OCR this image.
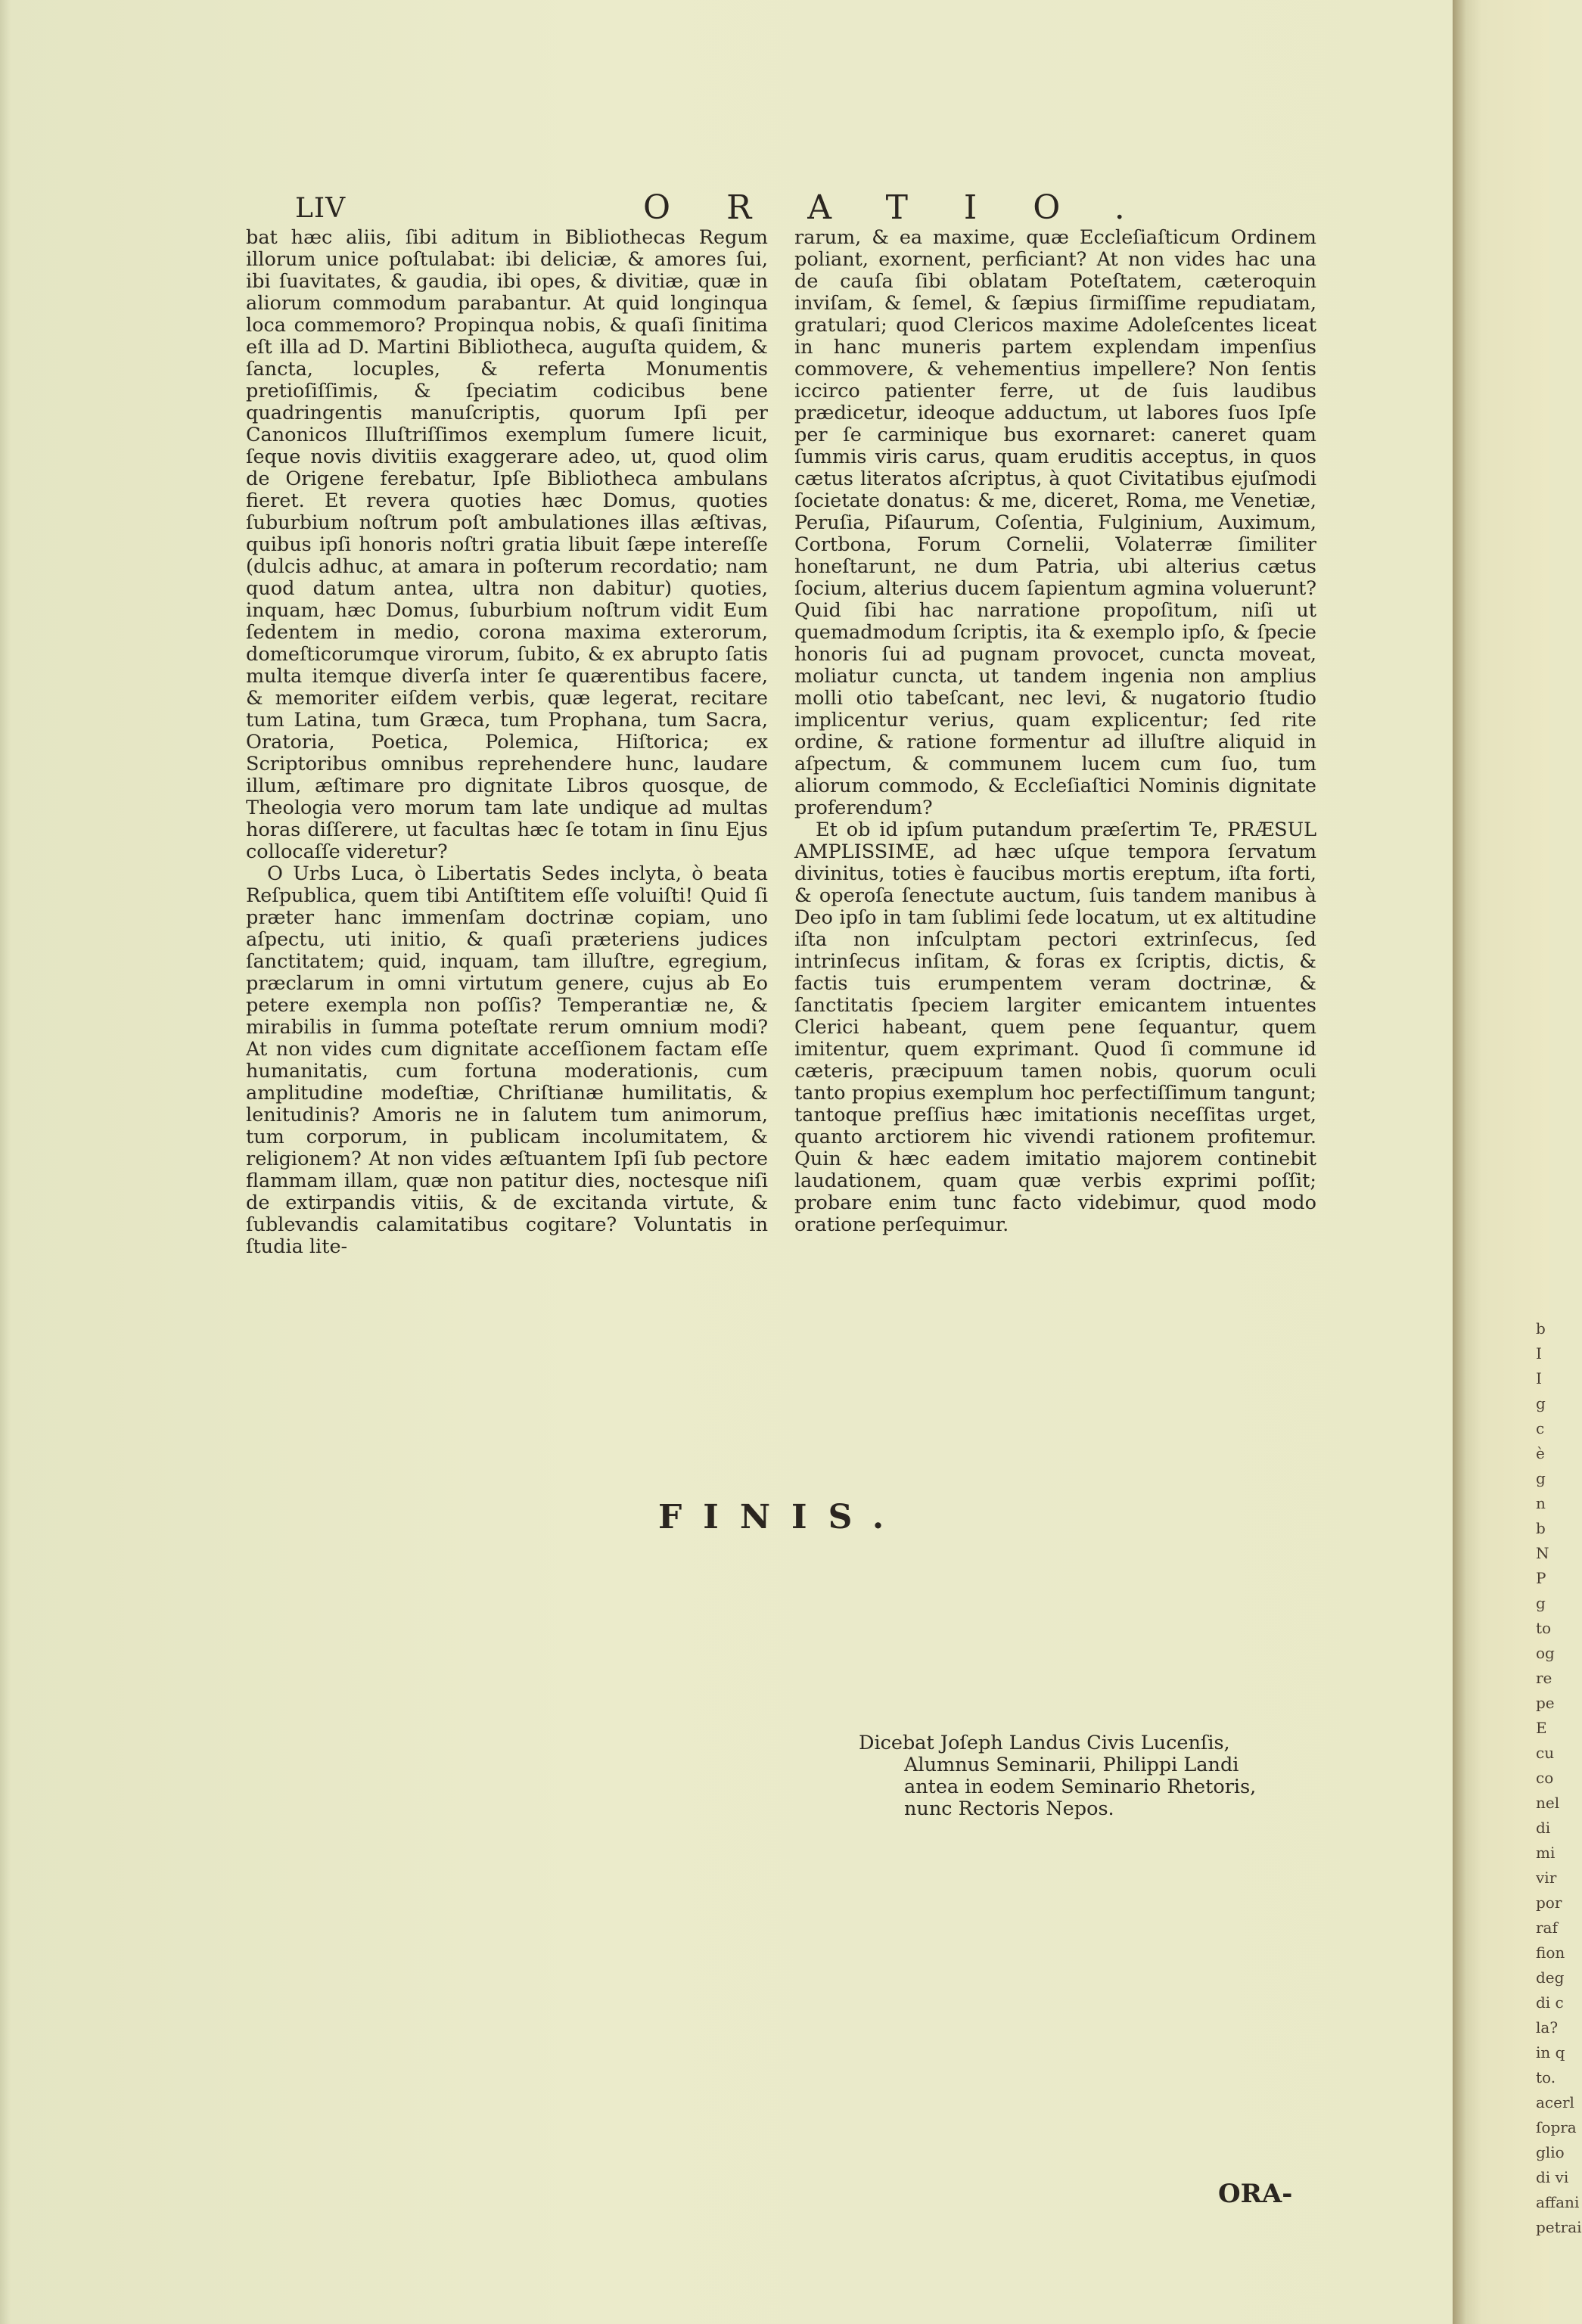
LIV	ORATIO.

bat hæc aliis, ſibi aditum in Bibliothecas Regum illorum unice poſtulabat: ibi deliciæ, & amores ſui, ibi ſuavitates, & gaudia, ibi opes, & divitiæ, quæ in aliorum commodum parabantur. At quid longinqua loca commemoro? Propinqua nobis, & quaſi ſinitima eſt illa ad D. Martini Bibliotheca, auguſta quidem, & ſancta, locuples, & referta Monumentis pretioſiſſimis, & ſpeciatim codicibus bene quadringentis manuſcriptis, quorum Ipſi per Canonicos Illuſtriſſimos exemplum ſumere licuit, ſeque novis divitiis exaggerare adeo, ut, quod olim de Origene ferebatur, Ipſe Bibliotheca ambulans fieret. Et revera quoties hæc Domus, quoties ſuburbium noſtrum poſt ambulationes illas æſtivas, quibus ipſi honoris noſtri gratia libuit ſæpe intereſſe (dulcis adhuc, at amara in poſterum recordatio; nam quod datum antea, ultra non dabitur) quoties, inquam, hæc Domus, ſuburbium noſtrum vidit Eum ſedentem in medio, corona maxima exterorum, domeſticorumque virorum, ſubito, & ex abrupto ſatis multa itemque diverſa inter ſe quærentibus facere, & memoriter eiſdem verbis, quæ legerat, recitare tum Latina, tum Græca, tum Prophana, tum Sacra, Oratoria, Poetica, Polemica, Hiſtorica; ex Scriptoribus omnibus reprehendere hunc, laudare illum, æſtimare pro dignitate Libros quosque, de Theologia vero morum tam late undique ad multas horas diſſerere, ut facultas hæc ſe totam in ſinu Ejus collocaſſe videretur?

O Urbs Luca, ò Libertatis Sedes inclyta, ò beata Reſpublica, quem tibi Antiſtitem eſſe voluiſti! Quid ſi præter hanc immenſam doctrinæ copiam, uno aſpectu, uti initio, & quaſi præteriens judices ſanctitatem; quid, inquam, tam illuſtre, egregium, præclarum in omni virtutum genere, cujus ab Eo petere exempla non poſſis? Temperantiæ ne, & mirabilis in ſumma poteſtate rerum omnium modi? At non vides cum dignitate acceſſionem factam eſſe humanitatis, cum fortuna moderationis, cum amplitudine modeſtiæ, Chriſtianæ humilitatis, & lenitudinis? Amoris ne in ſalutem tum animorum, tum corporum, in publicam incolumitatem, & religionem? At non vides æſtuantem Ipſi ſub pectore flammam illam, quæ non patitur dies, noctesque niſi de extirpandis vitiis, & de excitanda virtute, & ſublevandis calamitatibus cogitare? Voluntatis in ſtudia lite-

rarum, & ea maxime, quæ Eccleſiaſticum Ordinem poliant, exornent, perficiant? At non vides hac una de cauſa ſibi oblatam Poteſtatem, cæteroquin inviſam, & ſemel, & ſæpius ſirmiſſime repudiatam, gratulari; quod Clericos maxime Adoleſcentes liceat in hanc muneris partem explendam impenſius commovere, & vehementius impellere? Non ſentis iccirco patienter ferre, ut de ſuis laudibus prædicetur, ideoque adductum, ut labores ſuos Ipſe per ſe carminique bus exornaret: caneret quam ſummis viris carus, quam eruditis acceptus, in quos cætus literatos aſcriptus, à quot Civitatibus ejuſmodi ſocietate donatus: & me, diceret, Roma, me Venetiæ, Peruſia, Piſaurum, Coſentia, Fulginium, Auximum, Cortbona, Forum Cornelii, Volaterræ ſimiliter honeſtarunt, ne dum Patria, ubi alterius cætus ſocium, alterius ducem ſapientum agmina voluerunt? Quid ſibi hac narratione propoſitum, niſi ut quemadmodum ſcriptis, ita & exemplo ipſo, & ſpecie honoris ſui ad pugnam provocet, cuncta moveat, moliatur cuncta, ut tandem ingenia non amplius molli otio tabeſcant, nec levi, & nugatorio ſtudio implicentur verius, quam explicentur; ſed rite ordine, & ratione formentur ad illuſtre aliquid in aſpectum, & communem lucem cum ſuo, tum aliorum commodo, & Eccleſiaſtici Nominis dignitate proferendum?

Et ob id ipſum putandum præſertim Te, PRÆSUL AMPLISSIME, ad hæc uſque tempora ſervatum divinitus, toties è faucibus mortis ereptum, iſta forti, & operoſa ſenectute auctum, ſuis tandem manibus à Deo ipſo in tam ſublimi ſede locatum, ut ex altitudine iſta non inſculptam pectori extrinſecus, ſed intrinſecus inſitam, & foras ex ſcriptis, dictis, & factis tuis erumpentem veram doctrinæ, & ſanctitatis ſpeciem largiter emicantem intuentes Clerici habeant, quem pene ſequantur, quem imitentur, quem exprimant. Quod ſi commune id cæteris, præcipuum tamen nobis, quorum oculi tanto propius exemplum hoc perfectiſſimum tangunt; tantoque preſſius hæc imitationis neceſſitas urget, quanto arctiorem hic vivendi rationem profitemur. Quin & hæc eadem imitatio majorem continebit laudationem, quam quæ verbis exprimi poſſit; probare enim tunc facto videbimur, quod modo oratione perſequimur.

FINIS.
Dicebat Joſeph Landus Civis Lucenſis,
Alumnus Seminarii, Philippi Landi
antea in eodem Seminario Rhetoris,
nunc Rectoris Nepos.
ORA-
b
I
I
g
c
è
g
n
b
N
P
g
to
og
re
pe
E
cu
co
nel
di
mi
vir
por
raf
fion
deg
di c
la?
in q
to.
acerl
ſopra
glio
di vi
affani
petrai
